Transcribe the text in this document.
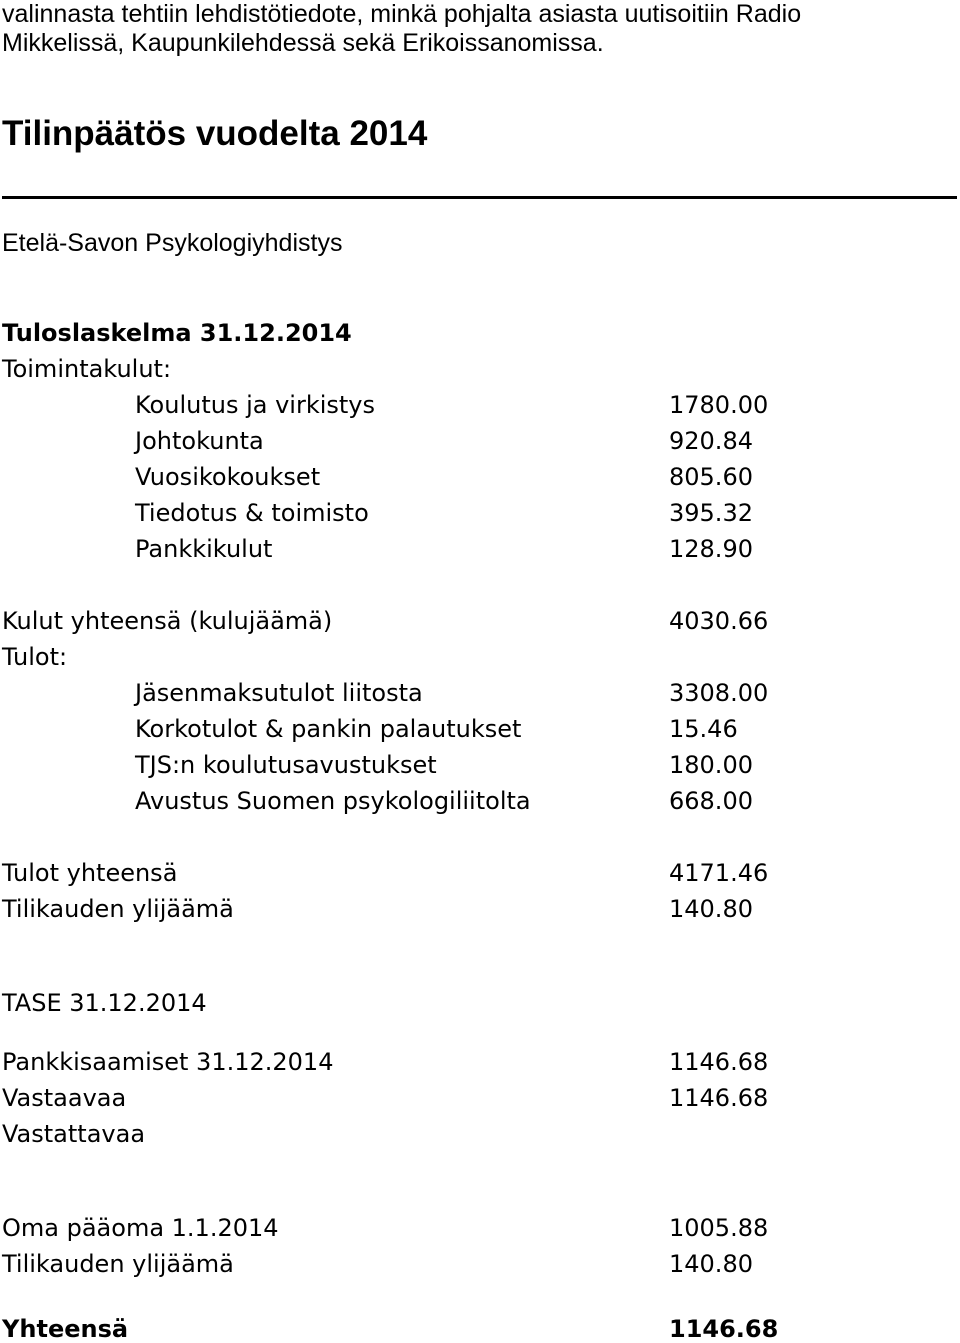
valinnasta tehtiin lehdistötiedote, minkä pohjalta asiasta uutisoitiin Radio
Mikkelissä, Kaupunkilehdessä sekä Erikoissanomissa.
Tilinpäätös vuodelta 2014
Etelä-Savon Psykologiyhdistys
Tuloslaskelma 31.12.2014
Toimintakulut:
Koulutus ja virkistys	1780.00
Johtokunta	920.84
Vuosikokoukset	805.60
Tiedotus & toimisto	395.32
Pankkikulut	128.90
Kulut yhteensä (kulujäämä)	4030.66
Tulot:
Jäsenmaksutulot liitosta	3308.00
Korkotulot & pankin palautukset	15.46
TJS:n koulutusavustukset	180.00
Avustus Suomen psykologiliitolta	668.00
Tulot yhteensä	4171.46
Tilikauden ylijäämä	140.80
TASE 31.12.2014
Pankkisaamiset 31.12.2014	1146.68
Vastaavaa	1146.68
Vastattavaa
Oma pääoma 1.1.2014	1005.88
Tilikauden ylijäämä	140.80
Yhteensä	1146.68
